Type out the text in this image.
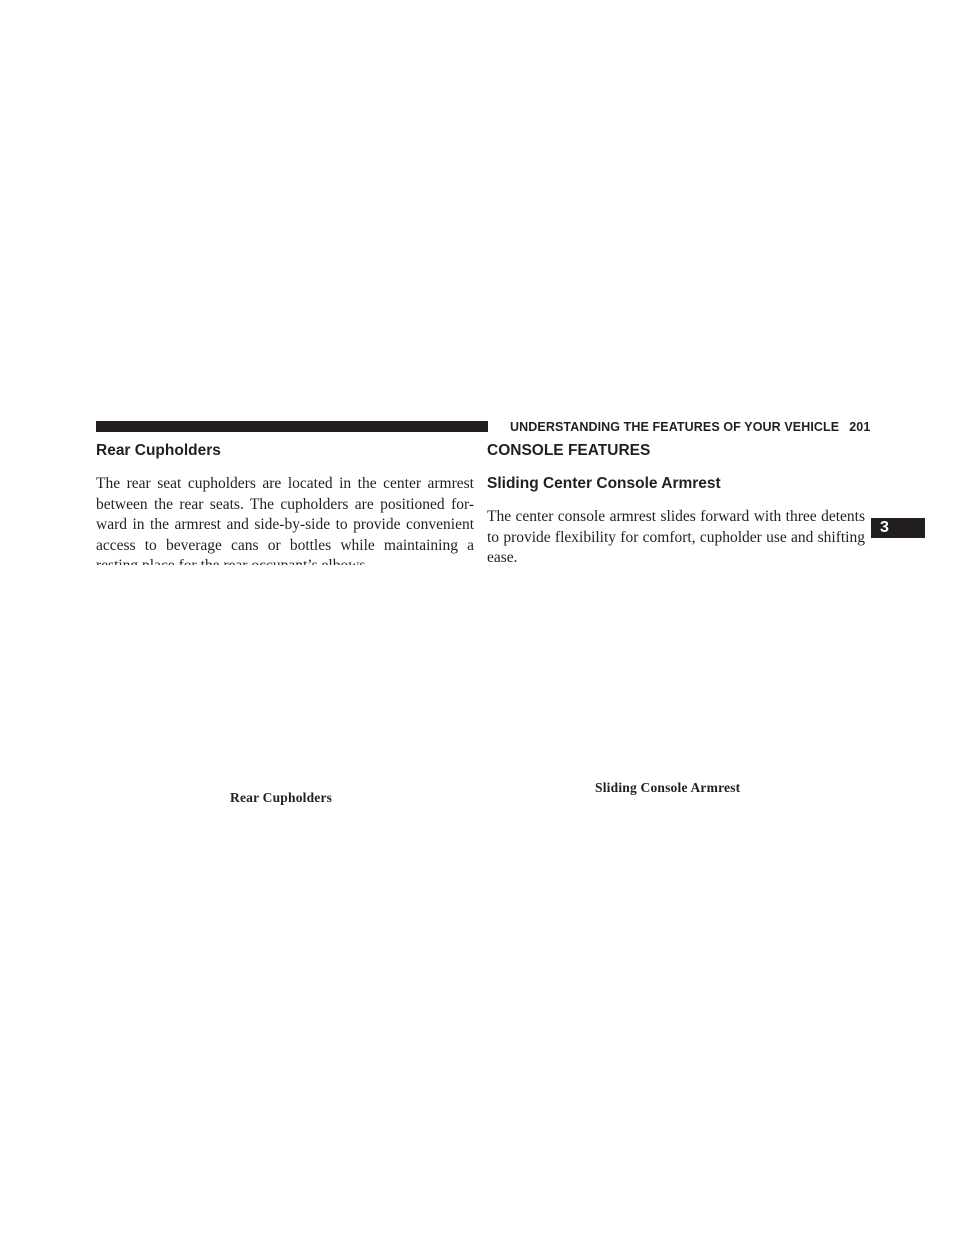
UNDERSTANDING THE FEATURES OF YOUR VEHICLE 201
3
Rear Cupholders

The rear seat cupholders are located in the center armrest between the rear seats. The cupholders are positioned for-ward in the armrest and side-by-side to provide convenient access to beverage cans or bottles while maintaining a

Rear Cupholders
CONSOLE FEATURES
Sliding Center Console Armrest

The center console armrest slides forward with three detents to provide flexibility for comfort, cupholder use and shifting ease.

Sliding Console Armrest
